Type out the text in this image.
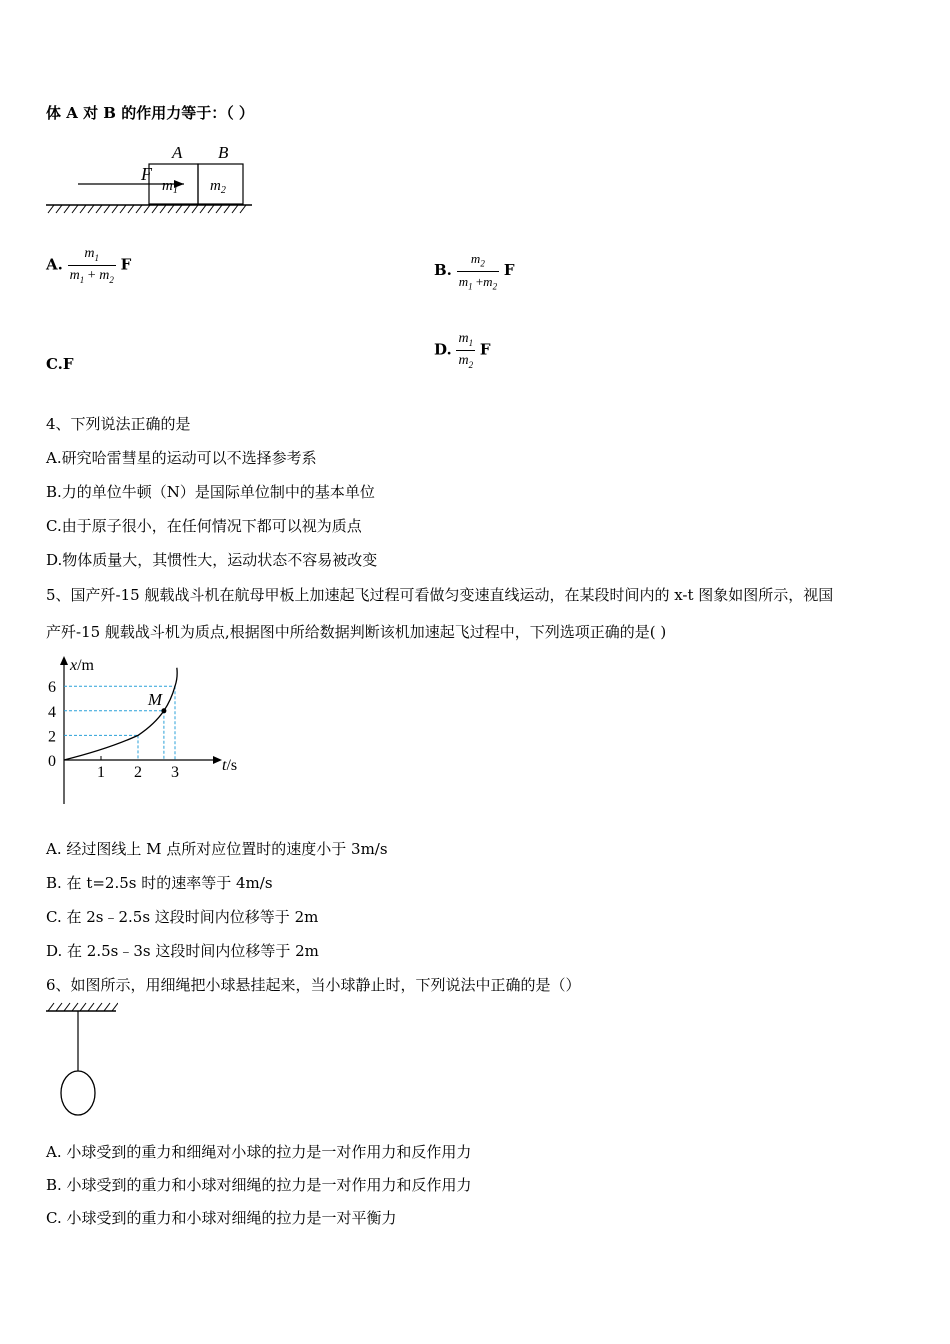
体 A 对 B 的作用力等于：（ ）
F
A B
$m_1$ $m_2$
A. $\frac{m_1}{m_1 + m_2}$ F	B. $\frac{m_2}{m_1 +m_2}$ F
C.F
D. $\frac{m_1}{m_2}$ F
4、下列说法正确的是
A.研究哈雷彗星的运动可以不选择参考系
B.力的单位牛顿（N）是国际单位制中的基本单位
C.由于原子很小，在任何情况下都可以视为质点
D.物体质量大，其惯性大，运动状态不容易被改变
5、国产歼-15 舰载战斗机在航母甲板上加速起飞过程可看做匀变速直线运动，在某段时间内的 x-t 图象如图所示，视国
产歼-15 舰载战斗机为质点,根据图中所给数据判断该机加速起飞过程中，下列选项正确的是( )
x/m
t/s
0
1 2 3
2
4
6
M
A. 经过图线上 M 点所对应位置时的速度小于 3m/s
B. 在 t=2.5s 时的速率等于 4m/s
C. 在 2s﹣2.5s 这段时间内位移等于 2m
D. 在 2.5s﹣3s 这段时间内位移等于 2m
6、如图所示，用细绳把小球悬挂起来，当小球静止时，下列说法中正确的是（）
A. 小球受到的重力和细绳对小球的拉力是一对作用力和反作用力
B. 小球受到的重力和小球对细绳的拉力是一对作用力和反作用力
C. 小球受到的重力和小球对细绳的拉力是一对平衡力
